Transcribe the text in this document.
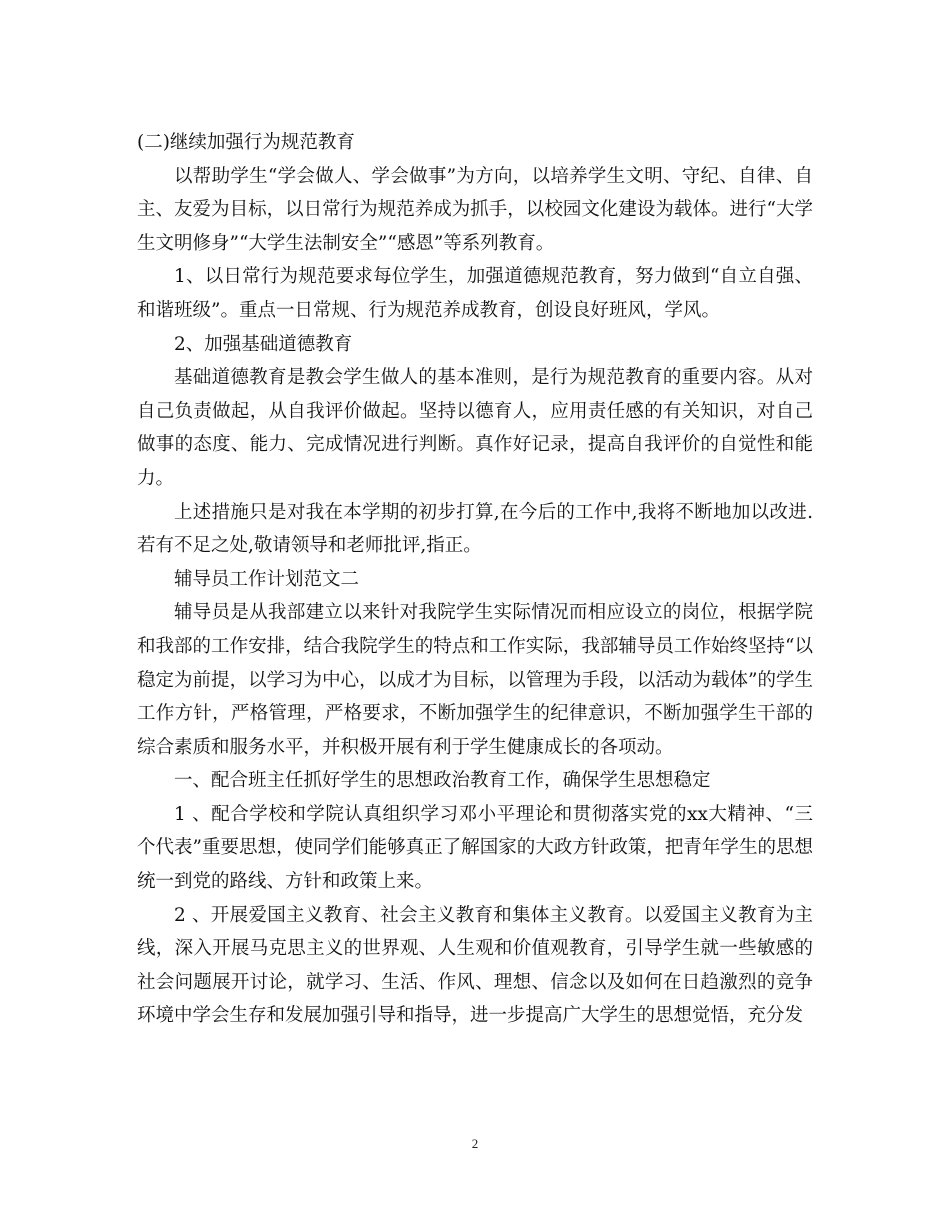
(二)继续加强行为规范教育

以帮助学生“学会做人、学会做事”为方向，以培养学生文明、守纪、自律、自主、友爱为目标，以日常行为规范养成为抓手，以校园文化建设为载体。进行“大学生文明修身”“大学生法制安全”“感恩”等系列教育。

1、以日常行为规范要求每位学生，加强道德规范教育，努力做到“自立自强、和谐班级”。重点一日常规、行为规范养成教育，创设良好班风，学风。

2、加强基础道德教育

基础道德教育是教会学生做人的基本准则，是行为规范教育的重要内容。从对自己负责做起，从自我评价做起。坚持以德育人，应用责任感的有关知识，对自己做事的态度、能力、完成情况进行判断。真作好记录，提高自我评价的自觉性和能力。

上述措施只是对我在本学期的初步打算,在今后的工作中,我将不断地加以改进.若有不足之处,敬请领导和老师批评,指正。

辅导员工作计划范文二

辅导员是从我部建立以来针对我院学生实际情况而相应设立的岗位，根据学院和我部的工作安排，结合我院学生的特点和工作实际，我部辅导员工作始终坚持“以稳定为前提，以学习为中心，以成才为目标，以管理为手段，以活动为载体”的学生工作方针，严格管理，严格要求，不断加强学生的纪律意识，不断加强学生干部的综合素质和服务水平，并积极开展有利于学生健康成长的各项动。

一、配合班主任抓好学生的思想政治教育工作，确保学生思想稳定

1 、配合学校和学院认真组织学习邓小平理论和贯彻落实党的xx大精神、“三个代表”重要思想，使同学们能够真正了解国家的大政方针政策，把青年学生的思想统一到党的路线、方针和政策上来。

2 、开展爱国主义教育、社会主义教育和集体主义教育。以爱国主义教育为主线，深入开展马克思主义的世界观、人生观和价值观教育，引导学生就一些敏感的社会问题展开讨论，就学习、生活、作风、理想、信念以及如何在日趋激烈的竞争环境中学会生存和发展加强引导和指导，进一步提高广大学生的思想觉悟，充分发

2
